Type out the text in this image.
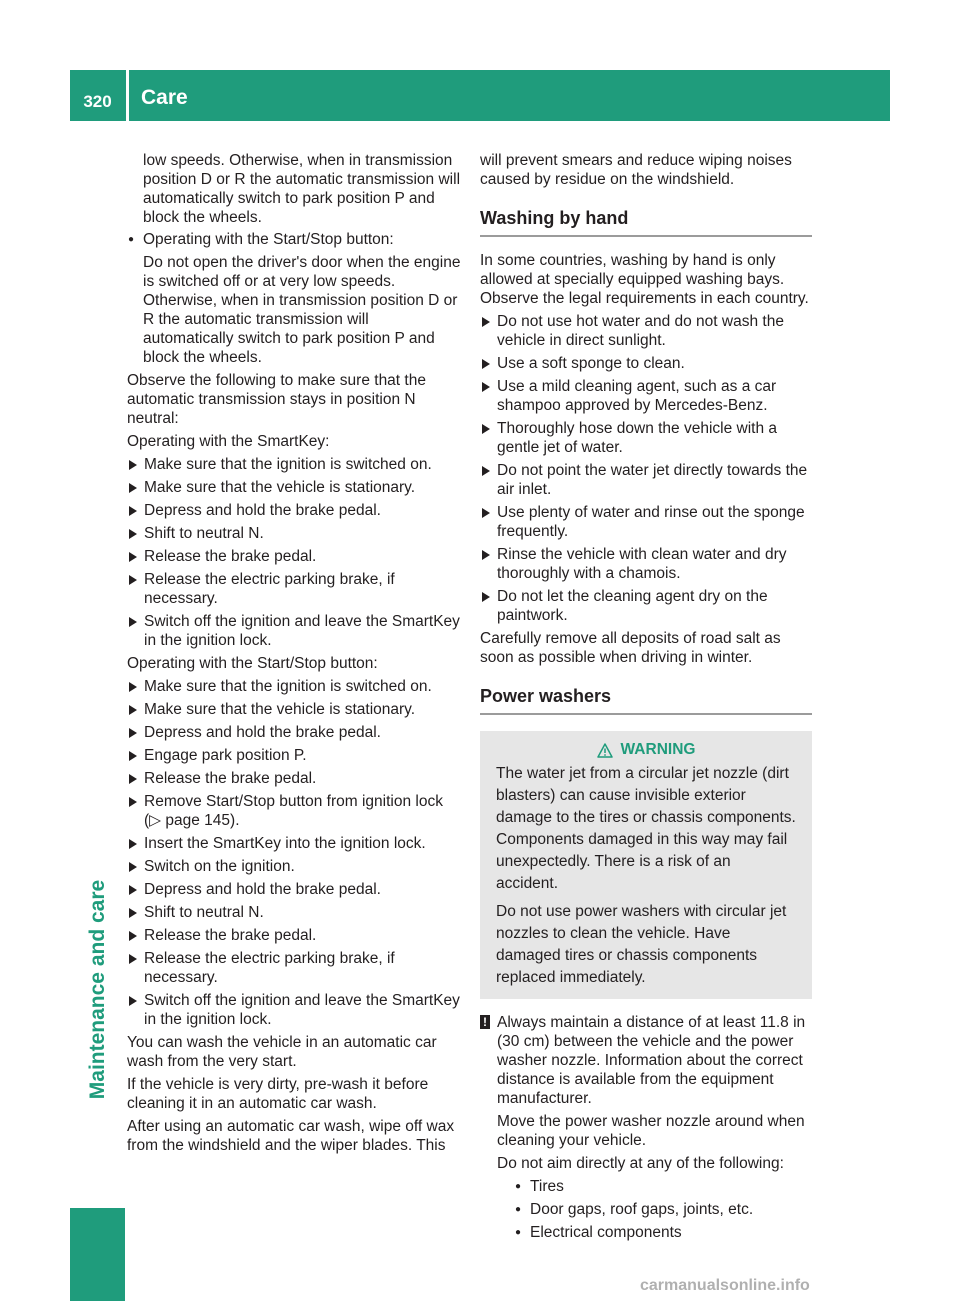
320	Care
Maintenance and care

low speeds. Otherwise, when in transmission position D or R the automatic transmission will automatically switch to park position P and block the wheels.

● Operating with the Start/Stop button:

Do not open the driver's door when the engine is switched off or at very low speeds. Otherwise, when in transmission position D or R the automatic transmission will automatically switch to park position P and block the wheels.

Observe the following to make sure that the automatic transmission stays in position N neutral:

Operating with the SmartKey:

Make sure that the ignition is switched on.

Make sure that the vehicle is stationary.

Depress and hold the brake pedal.

Shift to neutral N.

Release the brake pedal.

Release the electric parking brake, if necessary.

Switch off the ignition and leave the SmartKey in the ignition lock.

Operating with the Start/Stop button:

Make sure that the ignition is switched on.

Make sure that the vehicle is stationary.

Depress and hold the brake pedal.

Engage park position P.

Release the brake pedal.

Remove Start/Stop button from ignition lock (▷ page 145).

Insert the SmartKey into the ignition lock.

Switch on the ignition.

Depress and hold the brake pedal.

Shift to neutral N.

Release the brake pedal.

Release the electric parking brake, if necessary.

Switch off the ignition and leave the SmartKey in the ignition lock.

You can wash the vehicle in an automatic car wash from the very start.

If the vehicle is very dirty, pre-wash it before cleaning it in an automatic car wash.

After using an automatic car wash, wipe off wax from the windshield and the wiper blades. This

will prevent smears and reduce wiping noises caused by residue on the windshield.

Washing by hand

In some countries, washing by hand is only allowed at specially equipped washing bays. Observe the legal requirements in each country.

Do not use hot water and do not wash the vehicle in direct sunlight.

Use a soft sponge to clean.

Use a mild cleaning agent, such as a car shampoo approved by Mercedes-Benz.

Thoroughly hose down the vehicle with a gentle jet of water.

Do not point the water jet directly towards the air inlet.

Use plenty of water and rinse out the sponge frequently.

Rinse the vehicle with clean water and dry thoroughly with a chamois.

Do not let the cleaning agent dry on the paintwork.

Carefully remove all deposits of road salt as soon as possible when driving in winter.

Power washers
WARNING

The water jet from a circular jet nozzle (dirt blasters) can cause invisible exterior damage to the tires or chassis components. Components damaged in this way may fail unexpectedly. There is a risk of an accident.

Do not use power washers with circular jet nozzles to clean the vehicle. Have damaged tires or chassis components replaced immediately.

! Always maintain a distance of at least 11.8 in (30 cm) between the vehicle and the power washer nozzle. Information about the correct distance is available from the equipment manufacturer.

Move the power washer nozzle around when cleaning your vehicle.

Do not aim directly at any of the following:

● Tires

● Door gaps, roof gaps, joints, etc.

● Electrical components

carmanualsonline.info
